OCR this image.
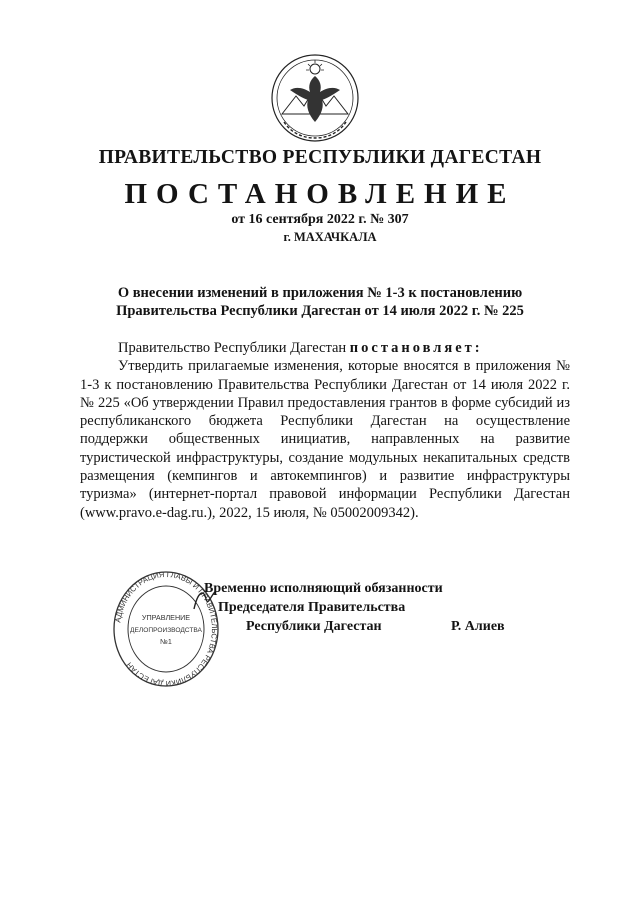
ПРАВИТЕЛЬСТВО РЕСПУБЛИКИ ДАГЕСТАН
ПОСТАНОВЛЕНИЕ
от 16 сентября 2022 г. № 307
г. МАХАЧКАЛА
О внесении изменений в приложения № 1-3 к постановлению
Правительства Республики Дагестан от 14 июля 2022 г. № 225

Правительство Республики Дагестан постановляет:

Утвердить прилагаемые изменения, которые вносятся в приложения № 1-3 к постановлению Правительства Республики Дагестан от 14 июля 2022 г. № 225 «Об утверждении Правил предоставления грантов в форме субсидий из республиканского бюджета Республики Дагестан на осуществление поддержки общественных инициатив, направленных на развитие туристической инфраструктуры, создание модульных некапитальных средств размещения (кемпингов и автокемпингов) и развитие инфраструктуры туризма» (интернет-портал правовой информации Республики Дагестан (www.pravo.e-dag.ru.), 2022, 15 июля, № 05002009342).

АДМИНИСТРАЦИЯ ГЛАВЫ И ПРАВИТЕЛЬСТВА РЕСПУБЛИКИ ДАГЕСТАН
УПРАВЛЕНИЕ
ДЕЛОПРОИЗВОДСТВА
№1
Временно исполняющий обязанности
Председателя Правительства
Республики Дагестан	Р. Алиев
